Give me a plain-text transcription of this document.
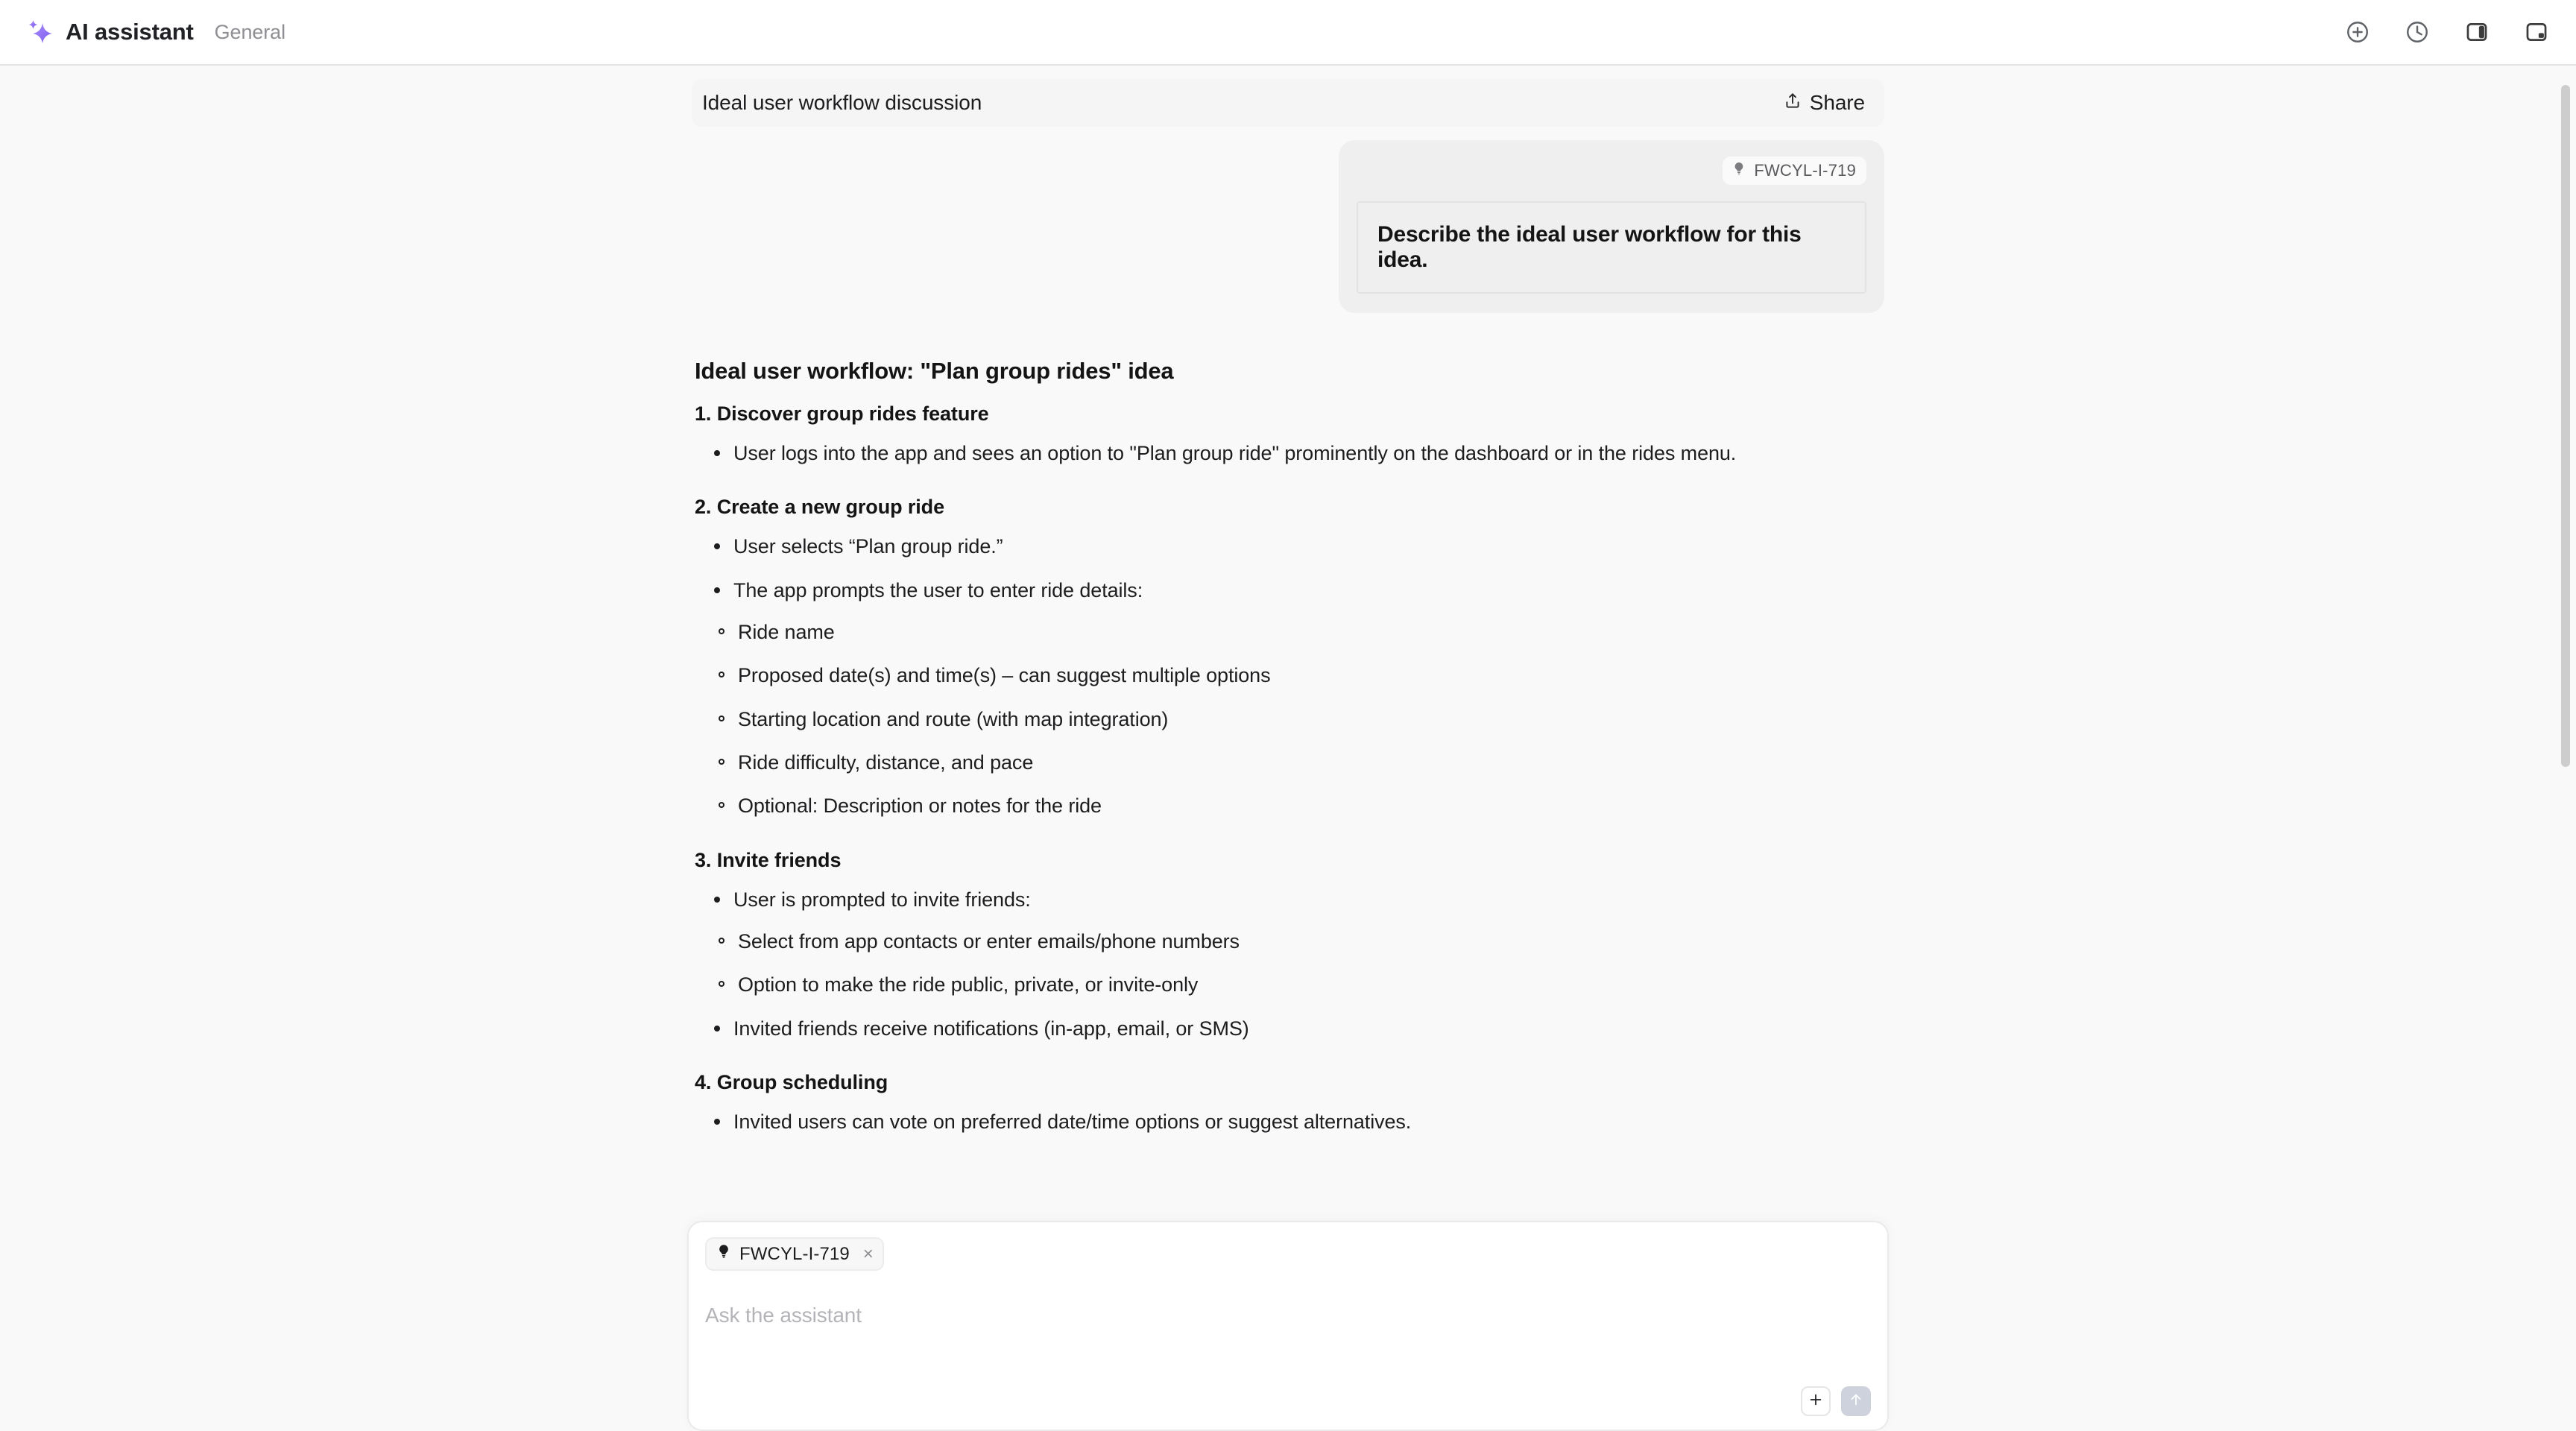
AI assistant General
Ideal user workflow discussion	Share
FWCYL-I-719
Describe the ideal user workflow for this idea.
Ideal user workflow: "Plan group rides" idea
1. Discover group rides feature
User logs into the app and sees an option to "Plan group ride" prominently on the dashboard or in the rides menu.
2. Create a new group ride
User selects “Plan group ride.”
The app prompts the user to enter ride details:
Ride name
Proposed date(s) and time(s) – can suggest multiple options
Starting location and route (with map integration)
Ride difficulty, distance, and pace
Optional: Description or notes for the ride
3. Invite friends
User is prompted to invite friends:
Select from app contacts or enter emails/phone numbers
Option to make the ride public, private, or invite-only
Invited friends receive notifications (in-app, email, or SMS)
4. Group scheduling
Invited users can vote on preferred date/time options or suggest alternatives.
FWCYL-I-719 ×
Ask the assistant
